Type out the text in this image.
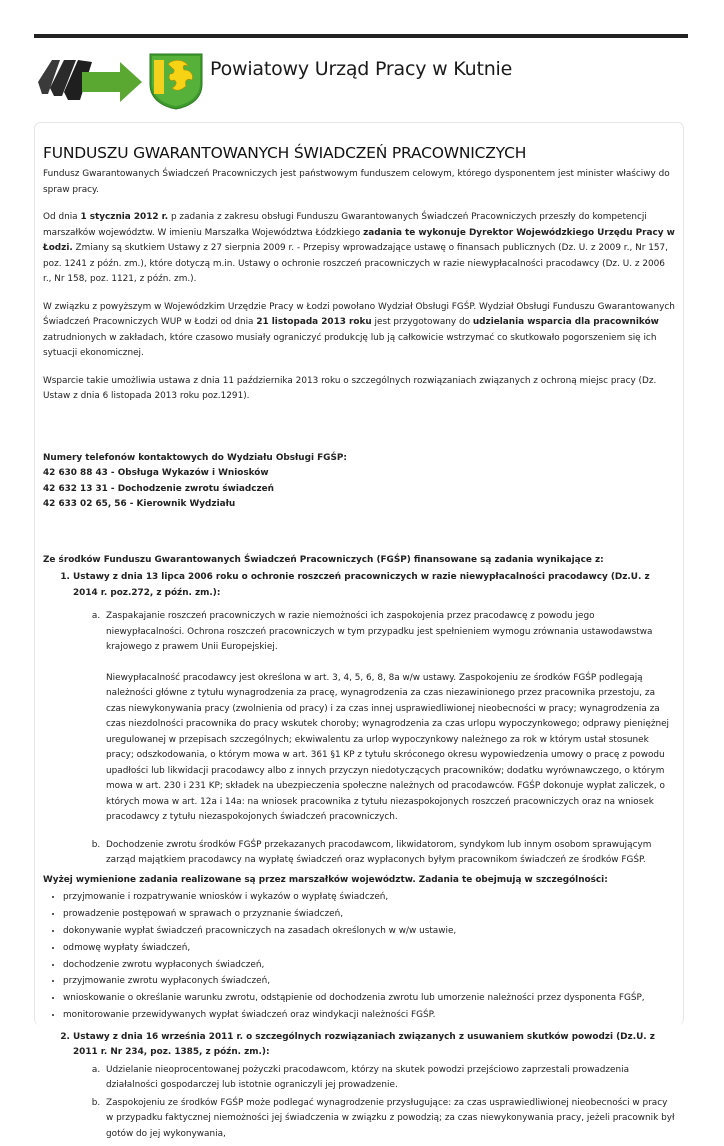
Powiatowy Urząd Pracy w Kutnie
FUNDUSZU GWARANTOWANYCH ŚWIADCZEŃ PRACOWNICZYCH

Fundusz Gwarantowanych Świadczeń Pracowniczych jest państwowym funduszem celowym, którego dysponentem jest minister właściwy do spraw pracy.

Od dnia 1 stycznia 2012 r. p zadania z zakresu obsługi Funduszu Gwarantowanych Świadczeń Pracowniczych przeszły do kompetencji marszałków województw. W imieniu Marszałka Województwa Łódzkiego zadania te wykonuje Dyrektor Wojewódzkiego Urzędu Pracy w Łodzi. Zmiany są skutkiem Ustawy z 27 sierpnia 2009 r. - Przepisy wprowadzające ustawę o finansach publicznych (Dz. U. z 2009 r., Nr 157, poz. 1241 z późn. zm.), które dotyczą m.in. Ustawy o ochronie roszczeń pracowniczych w razie niewypłacalności pracodawcy (Dz. U. z 2006 r., Nr 158, poz. 1121, z późn. zm.).

W związku z powyższym w Wojewódzkim Urzędzie Pracy w Łodzi powołano Wydział Obsługi FGŚP. Wydział Obsługi Funduszu Gwarantowanych Świadczeń Pracowniczych WUP w Łodzi od dnia 21 listopada 2013 roku jest przygotowany do udzielania wsparcia dla pracowników zatrudnionych w zakładach, które czasowo musiały ograniczyć produkcję lub ją całkowicie wstrzymać co skutkowało pogorszeniem się ich sytuacji ekonomicznej.

Wsparcie takie umożliwia ustawa z dnia 11 października 2013 roku o szczególnych rozwiązaniach związanych z ochroną miejsc pracy (Dz. Ustaw z dnia 6 listopada 2013 roku poz.1291).

Numery telefonów kontaktowych do Wydziału Obsługi FGŚP:
42 630 88 43 - Obsługa Wykazów i Wniosków
42 632 13 31 - Dochodzenie zwrotu świadczeń
42 633 02 65, 56 - Kierownik Wydziału
Ze środków Funduszu Gwarantowanych Świadczeń Pracowniczych (FGŚP) finansowane są zadania wynikające z:
1. Ustawy z dnia 13 lipca 2006 roku o ochronie roszczeń pracowniczych w razie niewypłacalności pracodawcy (Dz.U. z 2014 r. poz.272, z późn. zm.):
a. Zaspakajanie roszczeń pracowniczych w razie niemożności ich zaspokojenia przez pracodawcę z powodu jego niewypłacalności. Ochrona roszczeń pracowniczych w tym przypadku jest spełnieniem wymogu zrównania ustawodawstwa krajowego z prawem Unii Europejskiej.
Niewypłacalność pracodawcy jest określona w art. 3, 4, 5, 6, 8, 8a w/w ustawy. Zaspokojeniu ze środków FGŚP podlegają należności główne z tytułu wynagrodzenia za pracę, wynagrodzenia za czas niezawinionego przez pracownika przestoju, za czas niewykonywania pracy (zwolnienia od pracy) i za czas innej usprawiedliwionej nieobecności w pracy; wynagrodzenia za czas niezdolności pracownika do pracy wskutek choroby; wynagrodzenia za czas urlopu wypoczynkowego; odprawy pieniężnej uregulowanej w przepisach szczególnych; ekwiwalentu za urlop wypoczynkowy należnego za rok w którym ustał stosunek pracy; odszkodowania, o którym mowa w art. 361 §1 KP z tytułu skróconego okresu wypowiedzenia umowy o pracę z powodu upadłości lub likwidacji pracodawcy albo z innych przyczyn niedotyczących pracowników; dodatku wyrównawczego, o którym mowa w art. 230 i 231 KP; składek na ubezpieczenia społeczne należnych od pracodawców. FGŚP dokonuje wypłat zaliczek, o których mowa w art. 12a i 14a: na wniosek pracownika z tytułu niezaspokojonych roszczeń pracowniczych oraz na wniosek pracodawcy z tytułu niezaspokojonych świadczeń pracowniczych.
b. Dochodzenie zwrotu środków FGŚP przekazanych pracodawcom, likwidatorom, syndykom lub innym osobom sprawującym zarząd majątkiem pracodawcy na wypłatę świadczeń oraz wypłaconych byłym pracownikom świadczeń ze środków FGŚP.
Wyżej wymienione zadania realizowane są przez marszałków województw. Zadania te obejmują w szczególności:
• przyjmowanie i rozpatrywanie wniosków i wykazów o wypłatę świadczeń,
• prowadzenie postępowań w sprawach o przyznanie świadczeń,
• dokonywanie wypłat świadczeń pracowniczych na zasadach określonych w w/w ustawie,
• odmowę wypłaty świadczeń,
• dochodzenie zwrotu wypłaconych świadczeń,
• przyjmowanie zwrotu wypłaconych świadczeń,
• wnioskowanie o określanie warunku zwrotu, odstąpienie od dochodzenia zwrotu lub umorzenie należności przez dysponenta FGŚP,
• monitorowanie przewidywanych wypłat świadczeń oraz windykacji należności FGŚP.
2. Ustawy z dnia 16 września 2011 r. o szczególnych rozwiązaniach związanych z usuwaniem skutków powodzi (Dz.U. z 2011 r. Nr 234, poz. 1385, z późn. zm.):
a. Udzielanie nieoprocentowanej pożyczki pracodawcom, którzy na skutek powodzi przejściowo zaprzestali prowadzenia działalności gospodarczej lub istotnie ograniczyli jej prowadzenie.
b. Zaspokojeniu ze środków FGŚP może podlegać wynagrodzenie przysługujące: za czas usprawiedliwionej nieobecności w pracy w przypadku faktycznej niemożności jej świadczenia w związku z powodzią; za czas niewykonywania pracy, jeżeli pracownik był gotów do jej wykonywania,
